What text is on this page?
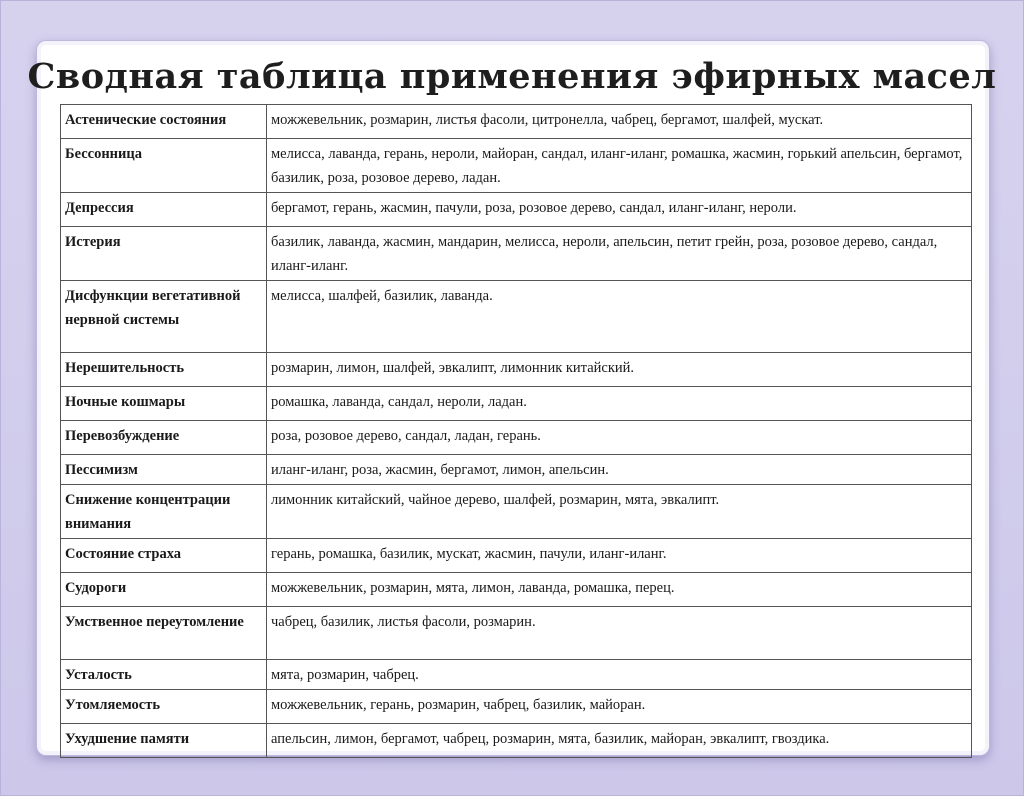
Сводная таблица применения эфирных масел
Астенические состояния	можжевельник, розмарин, листья фасоли, цитронелла, чабрец, бергамот, шалфей, мускат.
Бессонница	мелисса, лаванда, герань, нероли, майоран, сандал, иланг-иланг, ромашка, жасмин, горький апельсин, бергамот, базилик, роза, розовое дерево, ладан.
Депрессия	бергамот, герань, жасмин, пачули, роза, розовое дерево, сандал, иланг-иланг, нероли.
Истерия	базилик, лаванда, жасмин, мандарин, мелисса, нероли, апельсин, петит грейн, роза, розовое дерево, сандал, иланг-иланг.
Дисфункции вегетативной нервной системы	мелисса, шалфей, базилик, лаванда.
Нерешительность	розмарин, лимон, шалфей, эвкалипт, лимонник китайский.
Ночные кошмары	ромашка, лаванда, сандал, нероли, ладан.
Перевозбуждение	роза, розовое дерево, сандал, ладан, герань.
Пессимизм	иланг-иланг, роза, жасмин, бергамот, лимон, апельсин.
Снижение концентрации внимания	лимонник китайский, чайное дерево, шалфей, розмарин, мята, эвкалипт.
Состояние страха	герань, ромашка, базилик, мускат, жасмин, пачули, иланг-иланг.
Судороги	можжевельник, розмарин, мята, лимон, лаванда, ромашка, перец.
Умственное переутомление	чабрец, базилик, листья фасоли, розмарин.
Усталость	мята, розмарин, чабрец.
Утомляемость	можжевельник, герань, розмарин, чабрец, базилик, майоран.
Ухудшение памяти	апельсин, лимон, бергамот, чабрец, розмарин, мята, базилик, майоран, эвкалипт, гвоздика.
